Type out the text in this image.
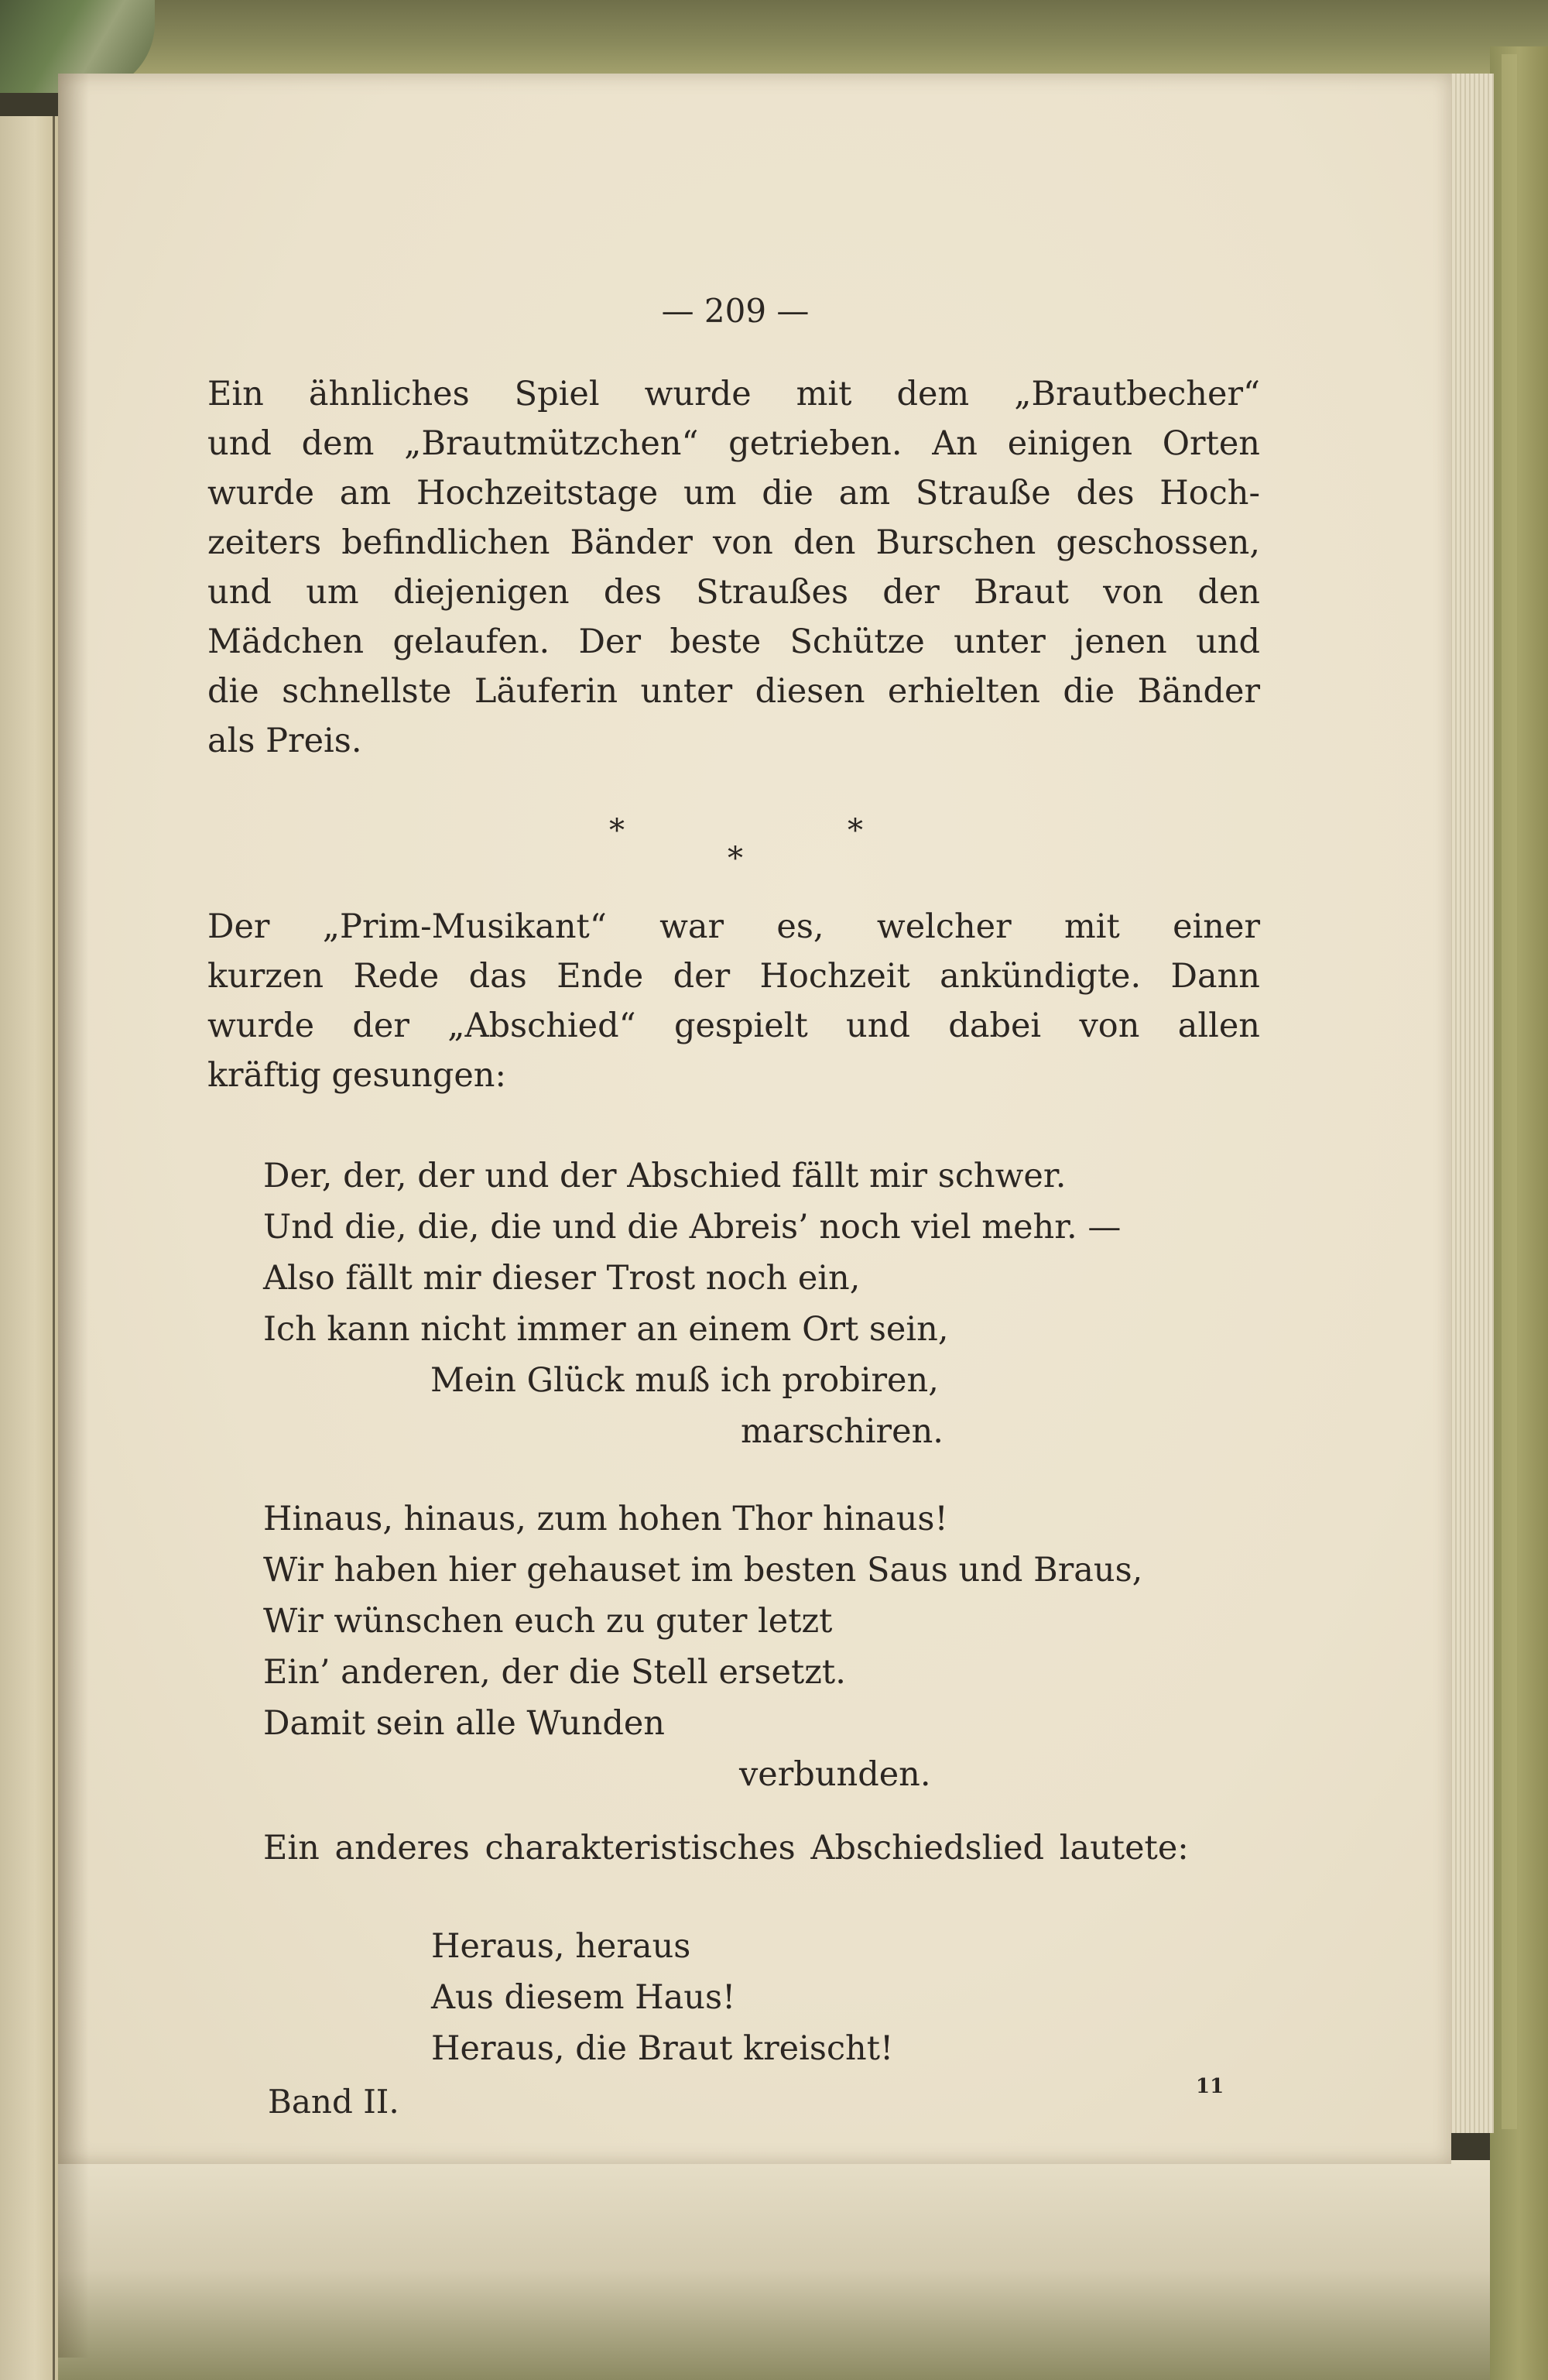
— 209 —
Ein ähnliches Spiel wurde mit dem „Brautbecher“
und dem „Brautmützchen“ getrieben. An einigen Orten
wurde am Hochzeitstage um die am Strauße des Hoch-
zeiters befindlichen Bänder von den Burschen geschossen,
und um diejenigen des Straußes der Braut von den
Mädchen gelaufen. Der beste Schütze unter jenen und
die schnellste Läuferin unter diesen erhielten die Bänder
als Preis.
*	*
*
Der „Prim-Musikant“ war es, welcher mit einer
kurzen Rede das Ende der Hochzeit ankündigte. Dann
wurde der „Abschied“ gespielt und dabei von allen
kräftig gesungen:
Der, der, der und der Abschied fällt mir schwer.
Und die, die, die und die Abreis’ noch viel mehr. —
Also fällt mir dieser Trost noch ein,
Ich kann nicht immer an einem Ort sein,
Mein Glück muß ich probiren,
marschiren.
Hinaus, hinaus, zum hohen Thor hinaus!
Wir haben hier gehauset im besten Saus und Braus,
Wir wünschen euch zu guter letzt
Ein’ anderen, der die Stell ersetzt.
Damit sein alle Wunden
verbunden.
Ein anderes charakteristisches Abschiedslied lautete:
Heraus, heraus
Aus diesem Haus!
Heraus, die Braut kreischt!
Band II.	11
